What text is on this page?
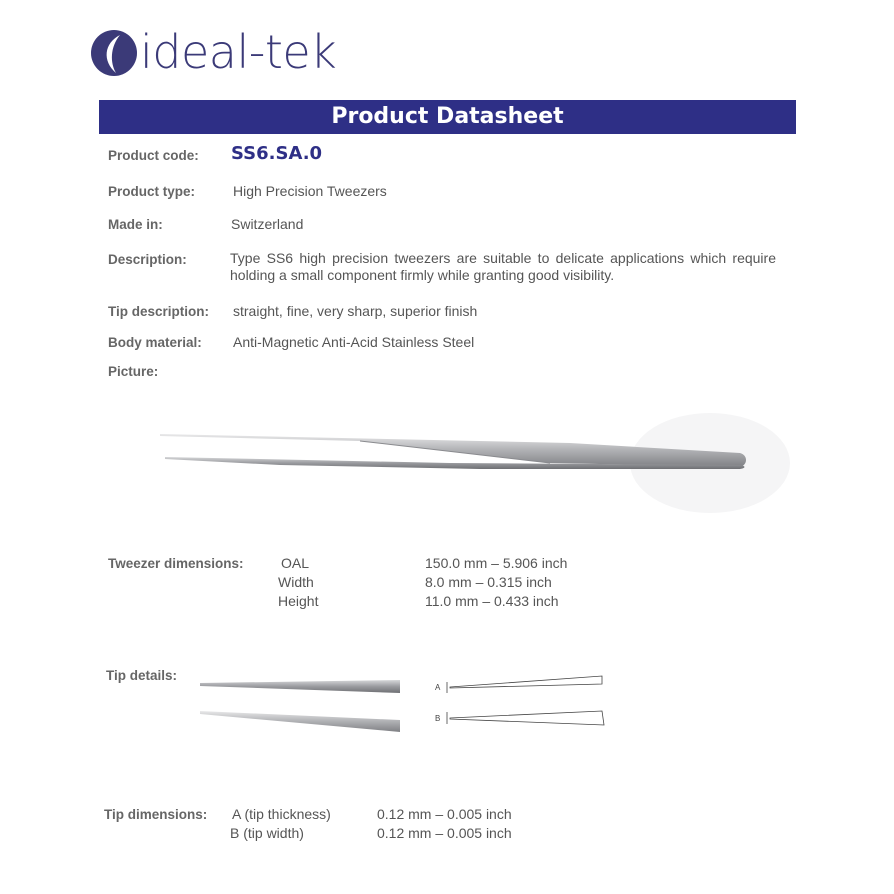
ideal-tek
Product Datasheet
Product code: SS6.SA.0
Product type:	High Precision Tweezers
Made in:	Switzerland
Description:	Type SS6 high precision tweezers are suitable to delicate applications which require holding a small component firmly while granting good visibility.
Tip description: straight, fine, very sharp, superior finish
Body material: Anti-Magnetic Anti-Acid Stainless Steel
Picture:
Tweezer dimensions:	OAL	150.0 mm – 5.906 inch
Width	8.0 mm – 0.315 inch
Height	11.0 mm – 0.433 inch
Tip details:
A
B
Tip dimensions: A (tip thickness)	0.12 mm – 0.005 inch
B (tip width)	0.12 mm – 0.005 inch
